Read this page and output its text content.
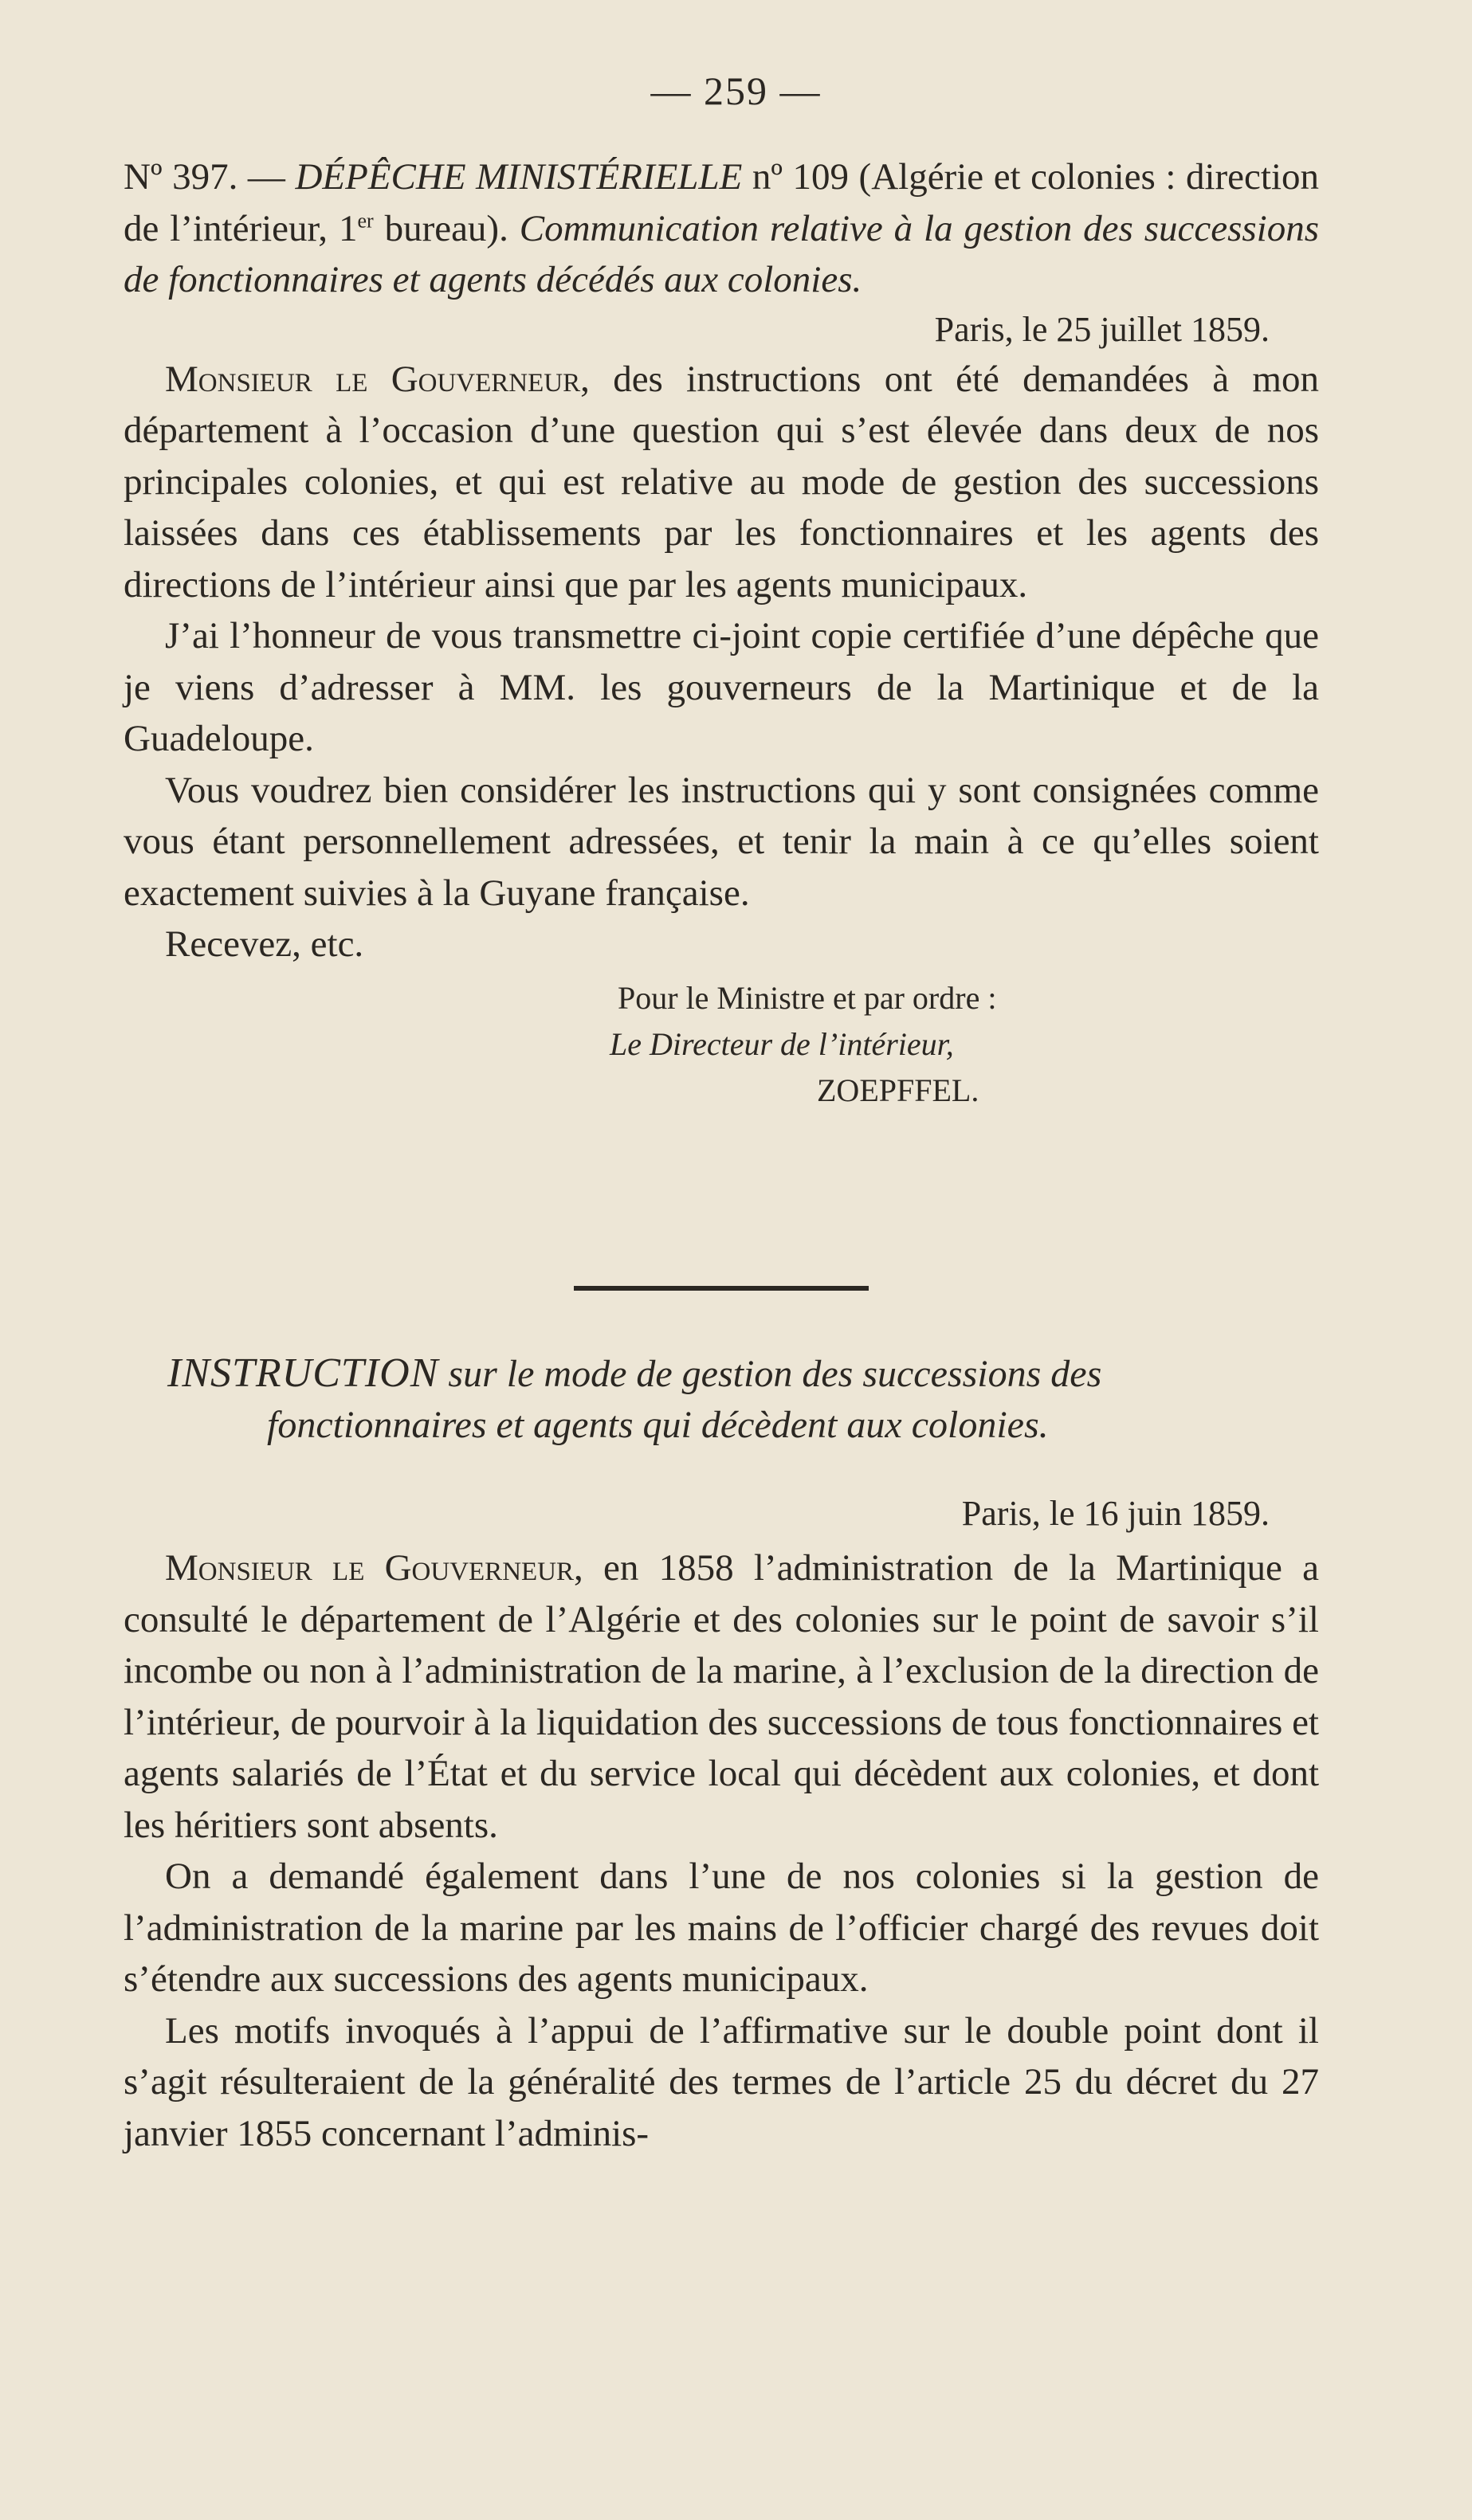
— 259 —

Nº 397. — DÉPÊCHE MINISTÉRIELLE nº 109 (Algérie et colonies : direction de l’intérieur, 1er bureau). Communication relative à la gestion des successions de fonctionnaires et agents décédés aux colonies.

Paris, le 25 juillet 1859.

Monsieur le Gouverneur, des instructions ont été demandées à mon département à l’occasion d’une question qui s’est élevée dans deux de nos principales colonies, et qui est relative au mode de gestion des successions laissées dans ces établissements par les fonctionnaires et les agents des directions de l’intérieur ainsi que par les agents municipaux.

J’ai l’honneur de vous transmettre ci-joint copie certifiée d’une dépêche que je viens d’adresser à MM. les gouverneurs de la Martinique et de la Guadeloupe.

Vous voudrez bien considérer les instructions qui y sont consignées comme vous étant personnellement adressées, et tenir la main à ce qu’elles soient exactement suivies à la Guyane française.

Recevez, etc.

Pour le Ministre et par ordre :

Le Directeur de l’intérieur,

ZOEPFFEL.

INSTRUCTION sur le mode de gestion des successions des
fonctionnaires et agents qui décèdent aux colonies.

Paris, le 16 juin 1859.

Monsieur le Gouverneur, en 1858 l’administration de la Martinique a consulté le département de l’Algérie et des colonies sur le point de savoir s’il incombe ou non à l’administration de la marine, à l’exclusion de la direction de l’intérieur, de pourvoir à la liquidation des successions de tous fonctionnaires et agents salariés de l’État et du service local qui décèdent aux colonies, et dont les héritiers sont absents.

On a demandé également dans l’une de nos colonies si la gestion de l’administration de la marine par les mains de l’officier chargé des revues doit s’étendre aux successions des agents municipaux.

Les motifs invoqués à l’appui de l’affirmative sur le double point dont il s’agit résulteraient de la généralité des termes de l’article 25 du décret du 27 janvier 1855 concernant l’adminis-
